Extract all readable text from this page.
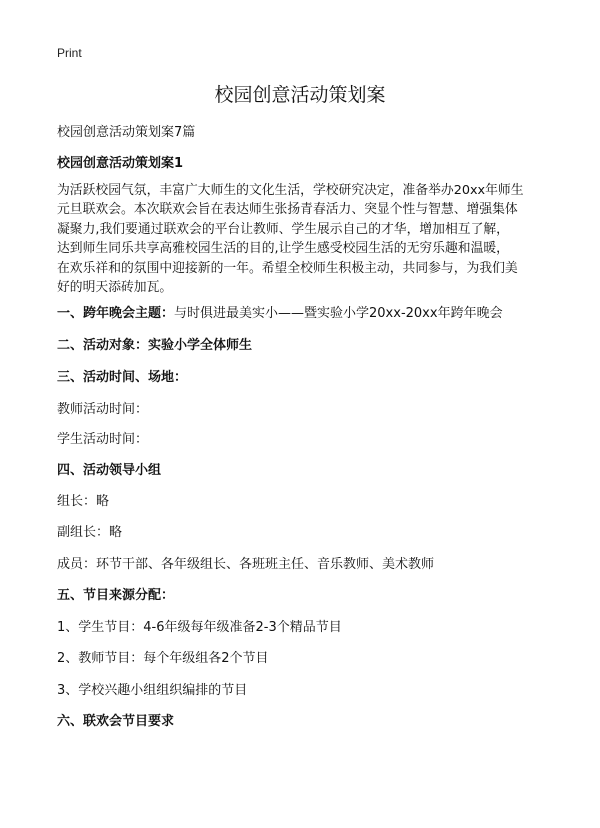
Print
校园创意活动策划案
校园创意活动策划案7篇
校园创意活动策划案1
为活跃校园气氛，丰富广大师生的文化生活，学校研究决定，准备举办20xx年师生
元旦联欢会。本次联欢会旨在表达师生张扬青春活力、突显个性与智慧、增强集体
凝聚力,我们要通过联欢会的平台让教师、学生展示自己的才华，增加相互了解，
达到师生同乐共享高雅校园生活的目的,让学生感受校园生活的无穷乐趣和温暖，
在欢乐祥和的氛围中迎接新的一年。希望全校师生积极主动，共同参与，为我们美
好的明天添砖加瓦。
一、跨年晚会主题：与时俱进最美实小——暨实验小学20xx-20xx年跨年晚会
二、活动对象：实验小学全体师生
三、活动时间、场地：
教师活动时间：
学生活动时间：
四、活动领导小组
组长：略
副组长：略
成员：环节干部、各年级组长、各班班主任、音乐教师、美术教师
五、节目来源分配：
1、学生节目：4-6年级每年级准备2-3个精品节目
2、教师节目：每个年级组各2个节目
3、学校兴趣小组组织编排的节目
六、联欢会节目要求
